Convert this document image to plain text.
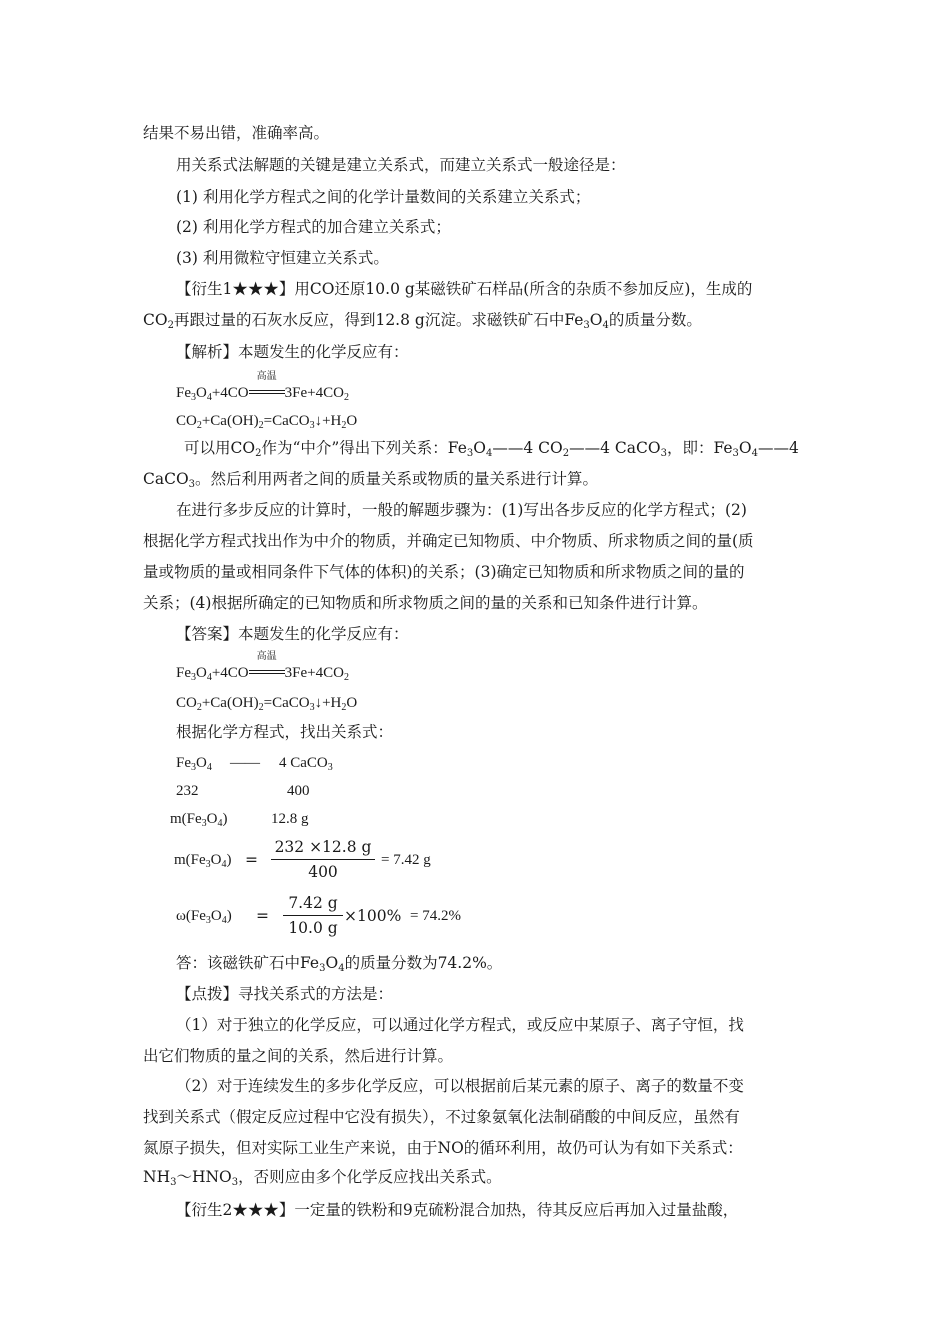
结果不易出错，准确率高。
用关系式法解题的关键是建立关系式，而建立关系式一般途径是：
(1) 利用化学方程式之间的化学计量数间的关系建立关系式；
(2) 利用化学方程式的加合建立关系式；
(3) 利用微粒守恒建立关系式。
【衍生1★★★】用CO还原10.0 g某磁铁矿石样品(所含的杂质不参加反应)，生成的
$CO_2$再跟过量的石灰水反应，得到12.8 g沉淀。求磁铁矿石中$Fe_3O_4$的质量分数。
【解析】本题发生的化学反应有：
$Fe_3O_4+4CO$
高温
$3Fe+4CO_2$
$CO_2+Ca(OH)_2=CaCO_3↓+H_2O$
可以用$CO_2$作为“中介”得出下列关系：$Fe_3O_4——4$ $CO_2——4$ CaCO$_3$，即：$Fe_3O_4——4$
CaCO$_3$。然后利用两者之间的质量关系或物质的量关系进行计算。
在进行多步反应的计算时，一般的解题步骤为：(1)写出各步反应的化学方程式；(2)
根据化学方程式找出作为中介的物质，并确定已知物质、中介物质、所求物质之间的量(质
量或物质的量或相同条件下气体的体积)的关系；(3)确定已知物质和所求物质之间的量的
关系；(4)根据所确定的已知物质和所求物质之间的量的关系和已知条件进行计算。
【答案】本题发生的化学反应有：
$Fe_3O_4+4CO$
高温
$3Fe+4CO_2$
$CO_2+Ca(OH)_2=CaCO_3↓+H_2O$
根据化学方程式，找出关系式：
$Fe_3O_4$ —— 4 CaCO$_3$
232	400
$m(Fe_3O_4)$	12.8 g
$m(Fe_3O_4)$ =
232 ×12.8 g
400
= 7.42 g
$\omega(Fe_3O_4)$ =
7.42 g
10.0 g
×100% = 74.2%
答：该磁铁矿石中$Fe_3O_4$的质量分数为74.2%。
【点拨】寻找关系式的方法是：
（1）对于独立的化学反应，可以通过化学方程式，或反应中某原子、离子守恒，找
出它们物质的量之间的关系，然后进行计算。
（2）对于连续发生的多步化学反应，可以根据前后某元素的原子、离子的数量不变
找到关系式（假定反应过程中它没有损失），不过象氨氧化法制硝酸的中间反应，虽然有
氮原子损失，但对实际工业生产来说，由于NO的循环利用，故仍可认为有如下关系式：
$NH_3\sim HNO_3$，否则应由多个化学反应找出关系式。
【衍生2★★★】一定量的铁粉和9克硫粉混合加热，待其反应后再加入过量盐酸，
